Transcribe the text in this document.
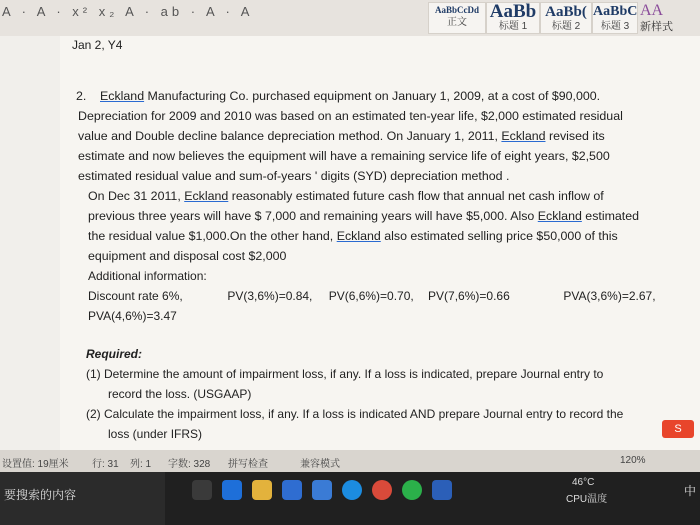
A · A · x² x₂ A · ab · A · A	AaBbCcDd
正文
AaBb
标题 1
AaBb(
标题 2
AaBbC
标题 3
AA
新样式
Jan 2, Y4
2.	Eckland Manufacturing Co. purchased equipment on January 1, 2009, at a cost of $90,000. Depreciation for 2009 and 2010 was based on an estimated ten-year life, $2,000 estimated residual value and Double decline balance depreciation method. On January 1, 2011, Eckland revised its estimate and now believes the equipment will have a remaining service life of eight years, $2,500 estimated residual value and sum-of-years ' digits (SYD) depreciation method .

On Dec 31 2011, Eckland reasonably estimated future cash flow that annual net cash inflow of previous three years will have $ 7,000 and remaining years will have $5,000. Also Eckland estimated the residual value $1,000.On the other hand, Eckland also estimated selling price $50,000 of this equipment and disposal cost $2,000

Additional information:
Discount rate 6%,	PV(3,6%)=0.84, PV(6,6%)=0.70, PV(7,6%)=0.66	PVA(3,6%)=2.67,
PVA(4,6%)=3.47
Required:
(1) Determine the amount of impairment loss, if any. If a loss is indicated, prepare Journal entry to record the loss. (USGAAP)
(2) Calculate the impairment loss, if any. If a loss is indicated AND prepare Journal entry to record the loss (under IFRS)	S
设置值: 19厘米 行: 31 列: 1 字数: 328 拼写检查	兼容模式	120%
要搜索的内容
46°C
CPU温度
中
